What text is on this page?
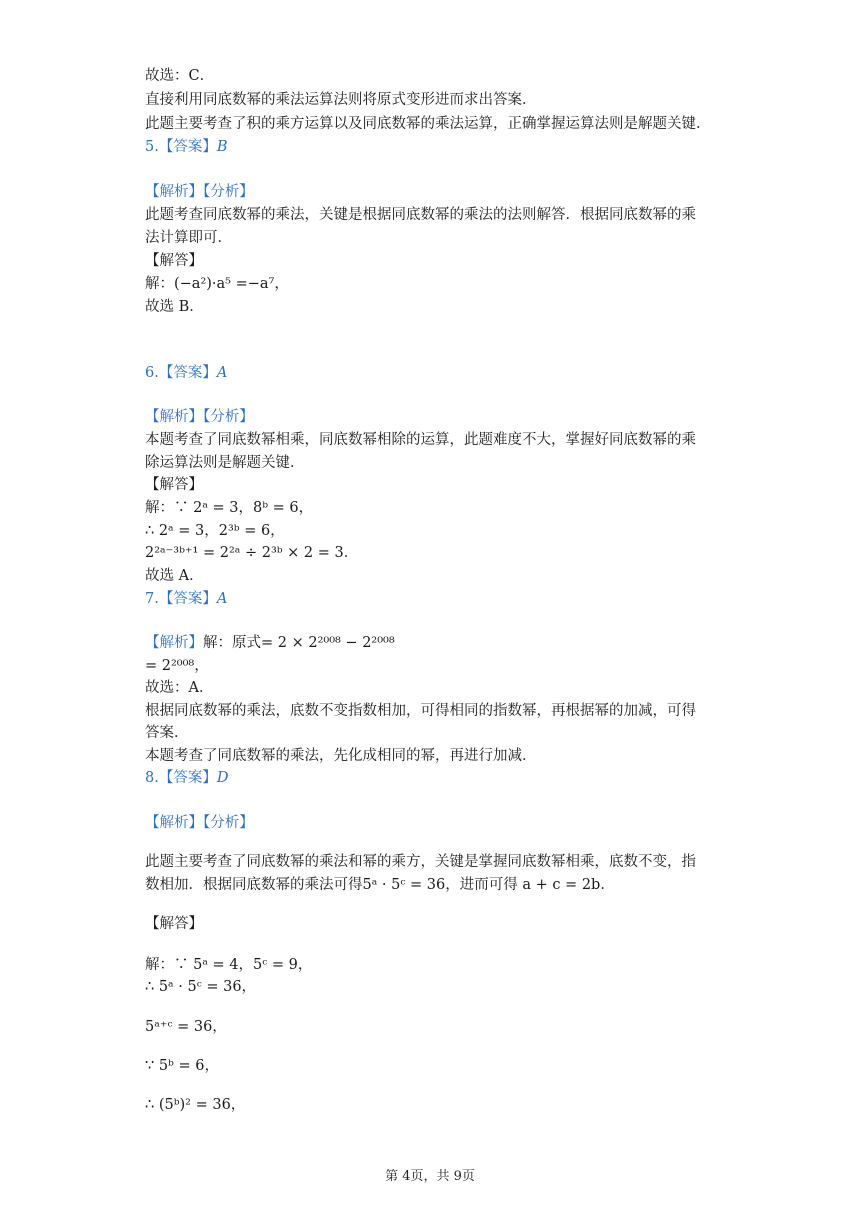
故选：C．
直接利用同底数幂的乘法运算法则将原式变形进而求出答案．
此题主要考查了积的乘方运算以及同底数幂的乘法运算，正确掌握运算法则是解题关键．
5.【答案】B
【解析】【分析】
此题考查同底数幂的乘法，关键是根据同底数幂的乘法的法则解答．根据同底数幂的乘
法计算即可．
【解答】
解：(−a²)·a⁵ =−a⁷，
故选 B．
6.【答案】A
【解析】【分析】
本题考查了同底数幂相乘，同底数幂相除的运算，此题难度不大，掌握好同底数幂的乘
除运算法则是解题关键．
【解答】
解：∵ 2ᵃ = 3，8ᵇ = 6，
∴ 2ᵃ = 3，2³ᵇ = 6，
2²ᵃ⁻³ᵇ⁺¹ = 2²ᵃ ÷ 2³ᵇ × 2 = 3．
故选 A．
7.【答案】A
【解析】解：原式= 2 × 2²⁰⁰⁸ − 2²⁰⁰⁸
= 2²⁰⁰⁸，
故选：A．
根据同底数幂的乘法，底数不变指数相加，可得相同的指数幂，再根据幂的加减，可得
答案．
本题考查了同底数幂的乘法，先化成相同的幂，再进行加减．
8.【答案】D
【解析】【分析】
此题主要考查了同底数幂的乘法和幂的乘方，关键是掌握同底数幂相乘，底数不变，指
数相加．根据同底数幂的乘法可得5ᵃ · 5ᶜ = 36，进而可得 a + c = 2b．
【解答】
解：∵ 5ᵃ = 4，5ᶜ = 9，
∴ 5ᵃ · 5ᶜ = 36，
5ᵃ⁺ᶜ = 36，
∵ 5ᵇ = 6，
∴ (5ᵇ)² = 36，
第 4页，共 9页
